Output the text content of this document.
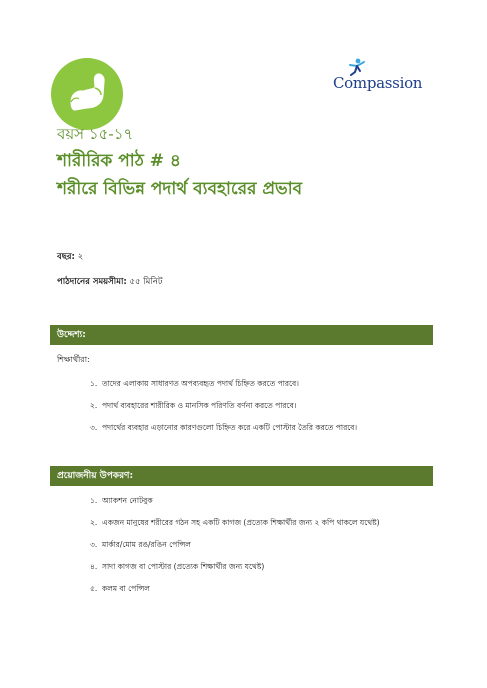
Compassion
বয়স ১৫-১৭
শারীরিক পাঠ # ৪
শরীরে বিভিন্ন পদার্থ ব্যবহারের প্রভাব
বছর: ২
পাঠদানের সময়সীমা: ৫৫ মিনিট
উদ্দেশ্য:
শিক্ষার্থীরা:
১. তাদের এলাকায় সাধারণত অপব্যবহৃত পদার্থ চিহ্নিত করতে পারবে।
২. পদার্থ ব্যবহারের শারীরিক ও মানসিক পরিণতি বর্ণনা করতে পারবে।
৩. পদার্থের ব্যবহার এড়ানোর কারণগুলো চিহ্নিত করে একটি পোস্টার তৈরি করতে পারবে।
প্রয়োজনীয় উপকরণ:
১. অ্যাকশন নোটবুক
২. একজন মানুষের শরীরের গঠন সহ একটি কাগজ (প্রত্যেক শিক্ষার্থীর জন্য ২ কপি থাকলে যথেষ্ট)
৩. মার্কার/মোম রঙ/রঙিন পেন্সিল
৪. সাদা কাগজ বা পোস্টার (প্রত্যেক শিক্ষার্থীর জন্য যথেষ্ট)
৫. কলম বা পেন্সিল
